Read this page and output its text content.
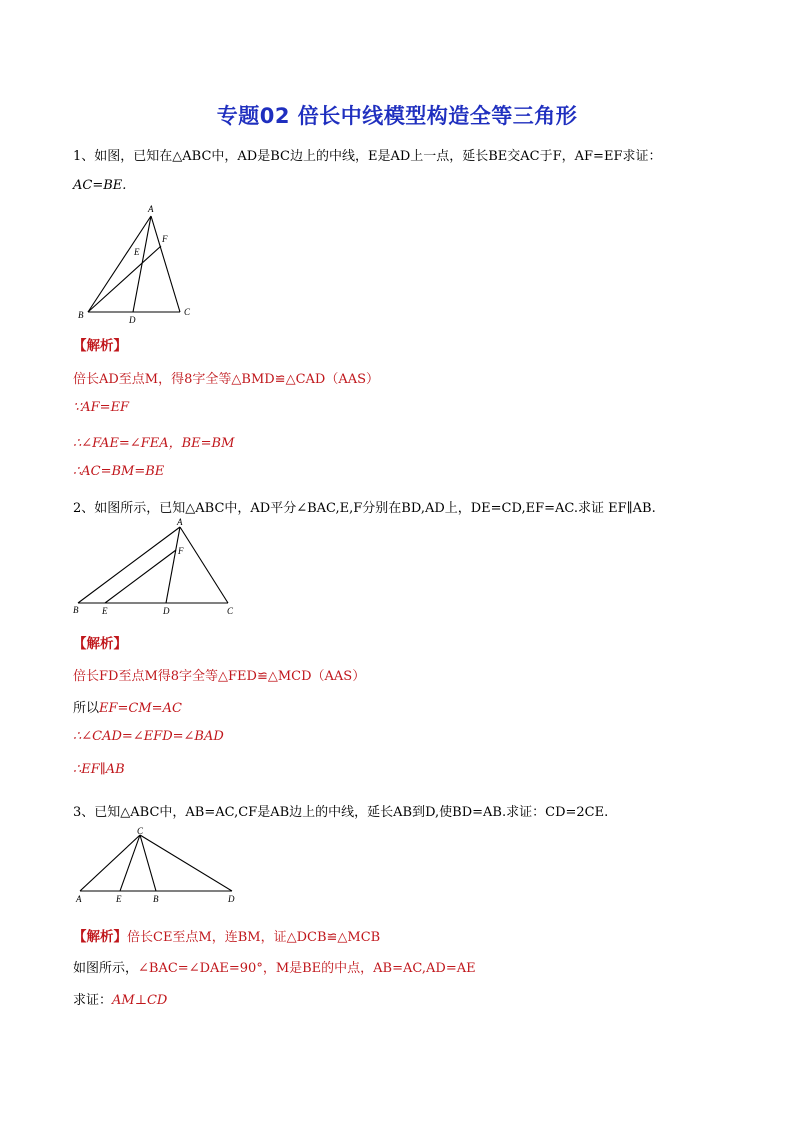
专题02 倍长中线模型构造全等三角形
1、如图，已知在△ABC中，AD是BC边上的中线，E是AD上一点，延长BE交AC于F，AF=EF求证：
AC=BE.
A
B	C
D
E
F
【解析】
倍长AD至点M，得8字全等△BMD≌△CAD（AAS）
∵AF=EF
∴∠FAE=∠FEA，BE=BM
∴AC=BM=BE
2、如图所示，已知△ABC中，AD平分∠BAC,E,F分别在BD,AD上，DE=CD,EF=AC.求证 EF∥AB.
A
B	C
D
E
F
【解析】
倍长FD至点M得8字全等△FED≌△MCD（AAS）
所以EF=CM=AC
∴∠CAD=∠EFD=∠BAD
∴EF∥AB
3、已知△ABC中，AB=AC,CF是AB边上的中线，延长AB到D,使BD=AB.求证：CD=2CE.
C
A	E	B	D
【解析】倍长CE至点M，连BM，证△DCB≌△MCB
如图所示，∠BAC=∠DAE=90°，M是BE的中点，AB=AC,AD=AE
求证：AM⊥CD
